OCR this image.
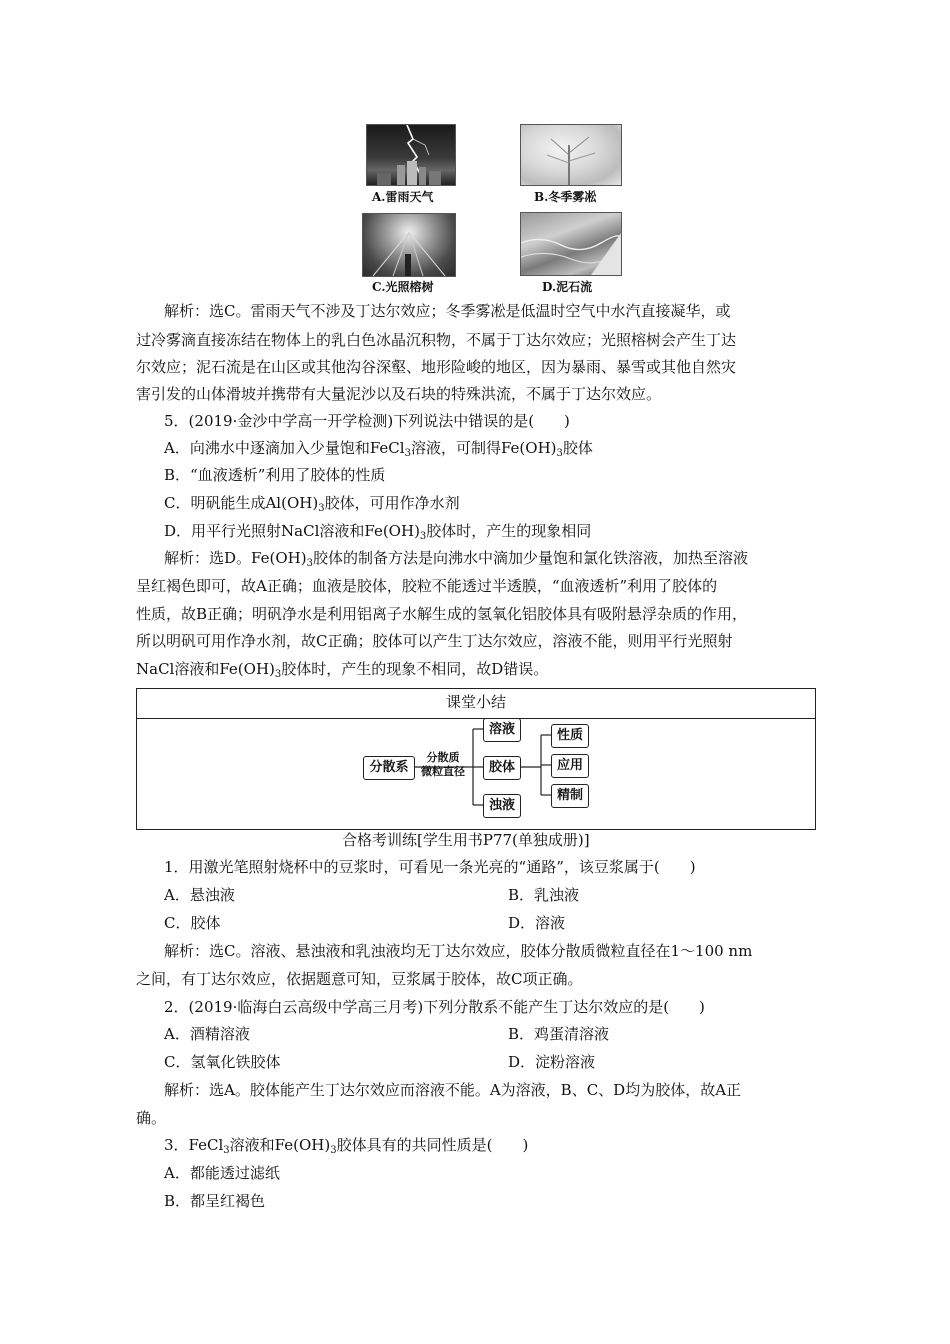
A.雷雨天气	B.冬季雾凇
C.光照榕树	D.泥石流
解析：选C。雷雨天气不涉及丁达尔效应；冬季雾凇是低温时空气中水汽直接凝华，或
过冷雾滴直接冻结在物体上的乳白色冰晶沉积物，不属于丁达尔效应；光照榕树会产生丁达
尔效应；泥石流是在山区或其他沟谷深壑、地形险峻的地区，因为暴雨、暴雪或其他自然灾
害引发的山体滑坡并携带有大量泥沙以及石块的特殊洪流，不属于丁达尔效应。
5．(2019·金沙中学高一开学检测)下列说法中错误的是(　　)
A．向沸水中逐滴加入少量饱和FeCl$_3$溶液，可制得$Fe(OH)_3$胶体
B．“血液透析”利用了胶体的性质
C．明矾能生成$Al(OH)_3$胶体，可用作净水剂
D．用平行光照射NaCl溶液和$Fe(OH)_3$胶体时，产生的现象相同
解析：选D。$Fe(OH)_3$胶体的制备方法是向沸水中滴加少量饱和氯化铁溶液，加热至溶液
呈红褐色即可，故A正确；血液是胶体，胶粒不能透过半透膜，“血液透析”利用了胶体的
性质，故B正确；明矾净水是利用铝离子水解生成的氢氧化铝胶体具有吸附悬浮杂质的作用，
所以明矾可用作净水剂，故C正确；胶体可以产生丁达尔效应，溶液不能，则用平行光照射
NaCl溶液和$Fe(OH)_3$胶体时，产生的现象不相同，故D错误。
课堂小结
分散系
分散质
微粒直径
溶液
胶体
浊液
性质
应用
精制
合格考训练[学生用书P77(单独成册)]
1．用激光笔照射烧杯中的豆浆时，可看见一条光亮的“通路”，该豆浆属于(　　)
A．悬浊液	B．乳浊液
C．胶体	D．溶液
解析：选C。溶液、悬浊液和乳浊液均无丁达尔效应，胶体分散质微粒直径在1～100 nm
之间，有丁达尔效应，依据题意可知，豆浆属于胶体，故C项正确。
2．(2019·临海白云高级中学高三月考)下列分散系不能产生丁达尔效应的是(　　)
A．酒精溶液	B．鸡蛋清溶液
C．氢氧化铁胶体	D．淀粉溶液
解析：选A。胶体能产生丁达尔效应而溶液不能。A为溶液，B、C、D均为胶体，故A正
确。
3．FeCl$_3$溶液和$Fe(OH)_3$胶体具有的共同性质是(　　)
A．都能透过滤纸
B．都呈红褐色
